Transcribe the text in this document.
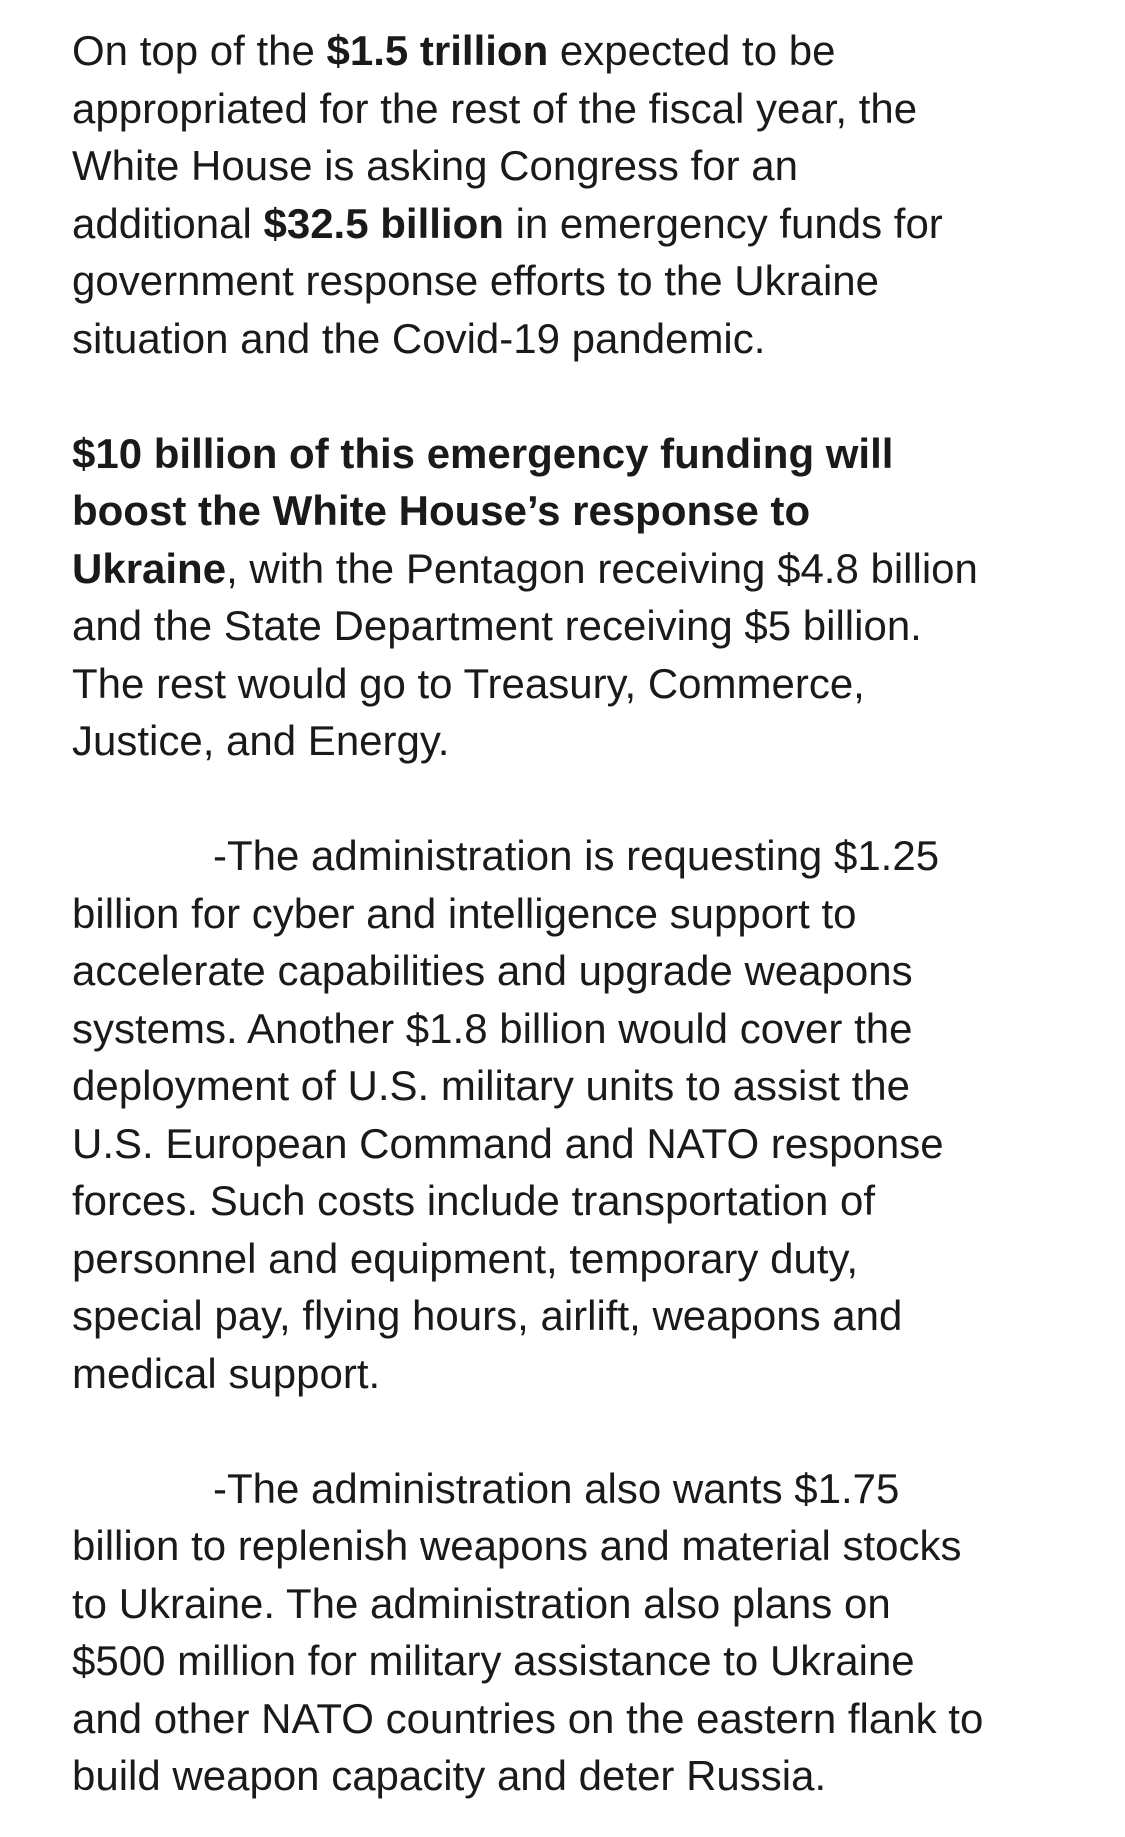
On top of the $1.5 trillion expected to be
appropriated for the rest of the fiscal year, the
White House is asking Congress for an
additional $32.5 billion in emergency funds for
government response efforts to the Ukraine
situation and the Covid-19 pandemic.

$10 billion of this emergency funding will
boost the White House’s response to
Ukraine, with the Pentagon receiving $4.8 billion
and the State Department receiving $5 billion.
The rest would go to Treasury, Commerce,
Justice, and Energy.

-The administration is requesting $1.25
billion for cyber and intelligence support to
accelerate capabilities and upgrade weapons
systems. Another $1.8 billion would cover the
deployment of U.S. military units to assist the
U.S. European Command and NATO response
forces. Such costs include transportation of
personnel and equipment, temporary duty,
special pay, flying hours, airlift, weapons and
medical support.

-The administration also wants $1.75
billion to replenish weapons and material stocks
to Ukraine. The administration also plans on
$500 million for military assistance to Ukraine
and other NATO countries on the eastern flank to
build weapon capacity and deter Russia.
